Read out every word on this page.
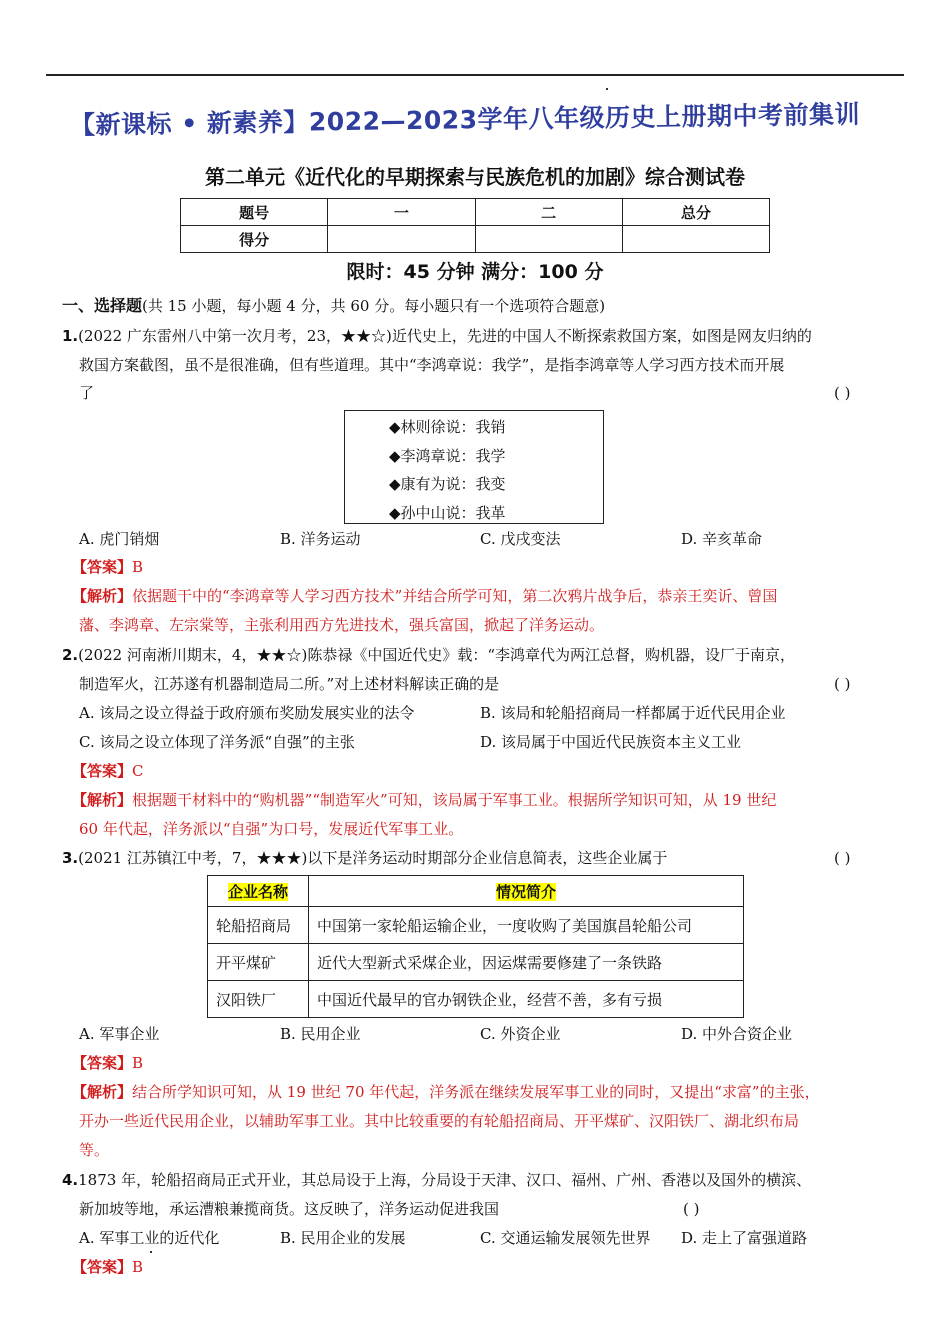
【新课标 • 新素养】2022—2023学年八年级历史上册期中考前集训
第二单元《近代化的早期探索与民族危机的加剧》综合测试卷
题号	一	二	总分
得分			
限时：45 分钟 满分：100 分
一、选择题(共 15 小题，每小题 4 分，共 60 分。每小题只有一个选项符合题意)
1.(2022 广东雷州八中第一次月考，23，★★☆)近代史上，先进的中国人不断探索救国方案，如图是网友归纳的
救国方案截图，虽不是很准确，但有些道理。其中“李鸿章说：我学”，是指李鸿章等人学习西方技术而开展
了	( )
◆林则徐说：我销
◆李鸿章说：我学
◆康有为说：我变
◆孙中山说：我革
A. 虎门销烟	B. 洋务运动	C. 戊戌变法	D. 辛亥革命
【答案】B
【解析】依据题干中的“李鸿章等人学习西方技术”并结合所学可知，第二次鸦片战争后，恭亲王奕䜣、曾国
藩、李鸿章、左宗棠等，主张利用西方先进技术，强兵富国，掀起了洋务运动。
2.(2022 河南淅川期末，4，★★☆)陈恭禄《中国近代史》载：“李鸿章代为两江总督，购机器，设厂于南京，
制造军火，江苏遂有机器制造局二所。”对上述材料解读正确的是	( )
A. 该局之设立得益于政府颁布奖励发展实业的法令	B. 该局和轮船招商局一样都属于近代民用企业
C. 该局之设立体现了洋务派“自强”的主张	D. 该局属于中国近代民族资本主义工业
【答案】C
【解析】根据题干材料中的“购机器”“制造军火”可知，该局属于军事工业。根据所学知识可知，从 19 世纪
60 年代起，洋务派以“自强”为口号，发展近代军事工业。
3.(2021 江苏镇江中考，7，★★★)以下是洋务运动时期部分企业信息简表，这些企业属于	( )
企业名称	情况简介
轮船招商局	中国第一家轮船运输企业，一度收购了美国旗昌轮船公司
开平煤矿	近代大型新式采煤企业，因运煤需要修建了一条铁路
汉阳铁厂	中国近代最早的官办钢铁企业，经营不善，多有亏损
A. 军事企业	B. 民用企业	C. 外资企业	D. 中外合资企业
【答案】B
【解析】结合所学知识可知，从 19 世纪 70 年代起，洋务派在继续发展军事工业的同时，又提出“求富”的主张，
开办一些近代民用企业，以辅助军事工业。其中比较重要的有轮船招商局、开平煤矿、汉阳铁厂、湖北织布局
等。
4.1873 年，轮船招商局正式开业，其总局设于上海，分局设于天津、汉口、福州、广州、香港以及国外的横滨、
新加坡等地，承运漕粮兼揽商货。这反映了，洋务运动促进我国	( )
A. 军事工业的近代化	B. 民用企业的发展	C. 交通运输发展领先世界 D. 走上了富强道路
【答案】B
